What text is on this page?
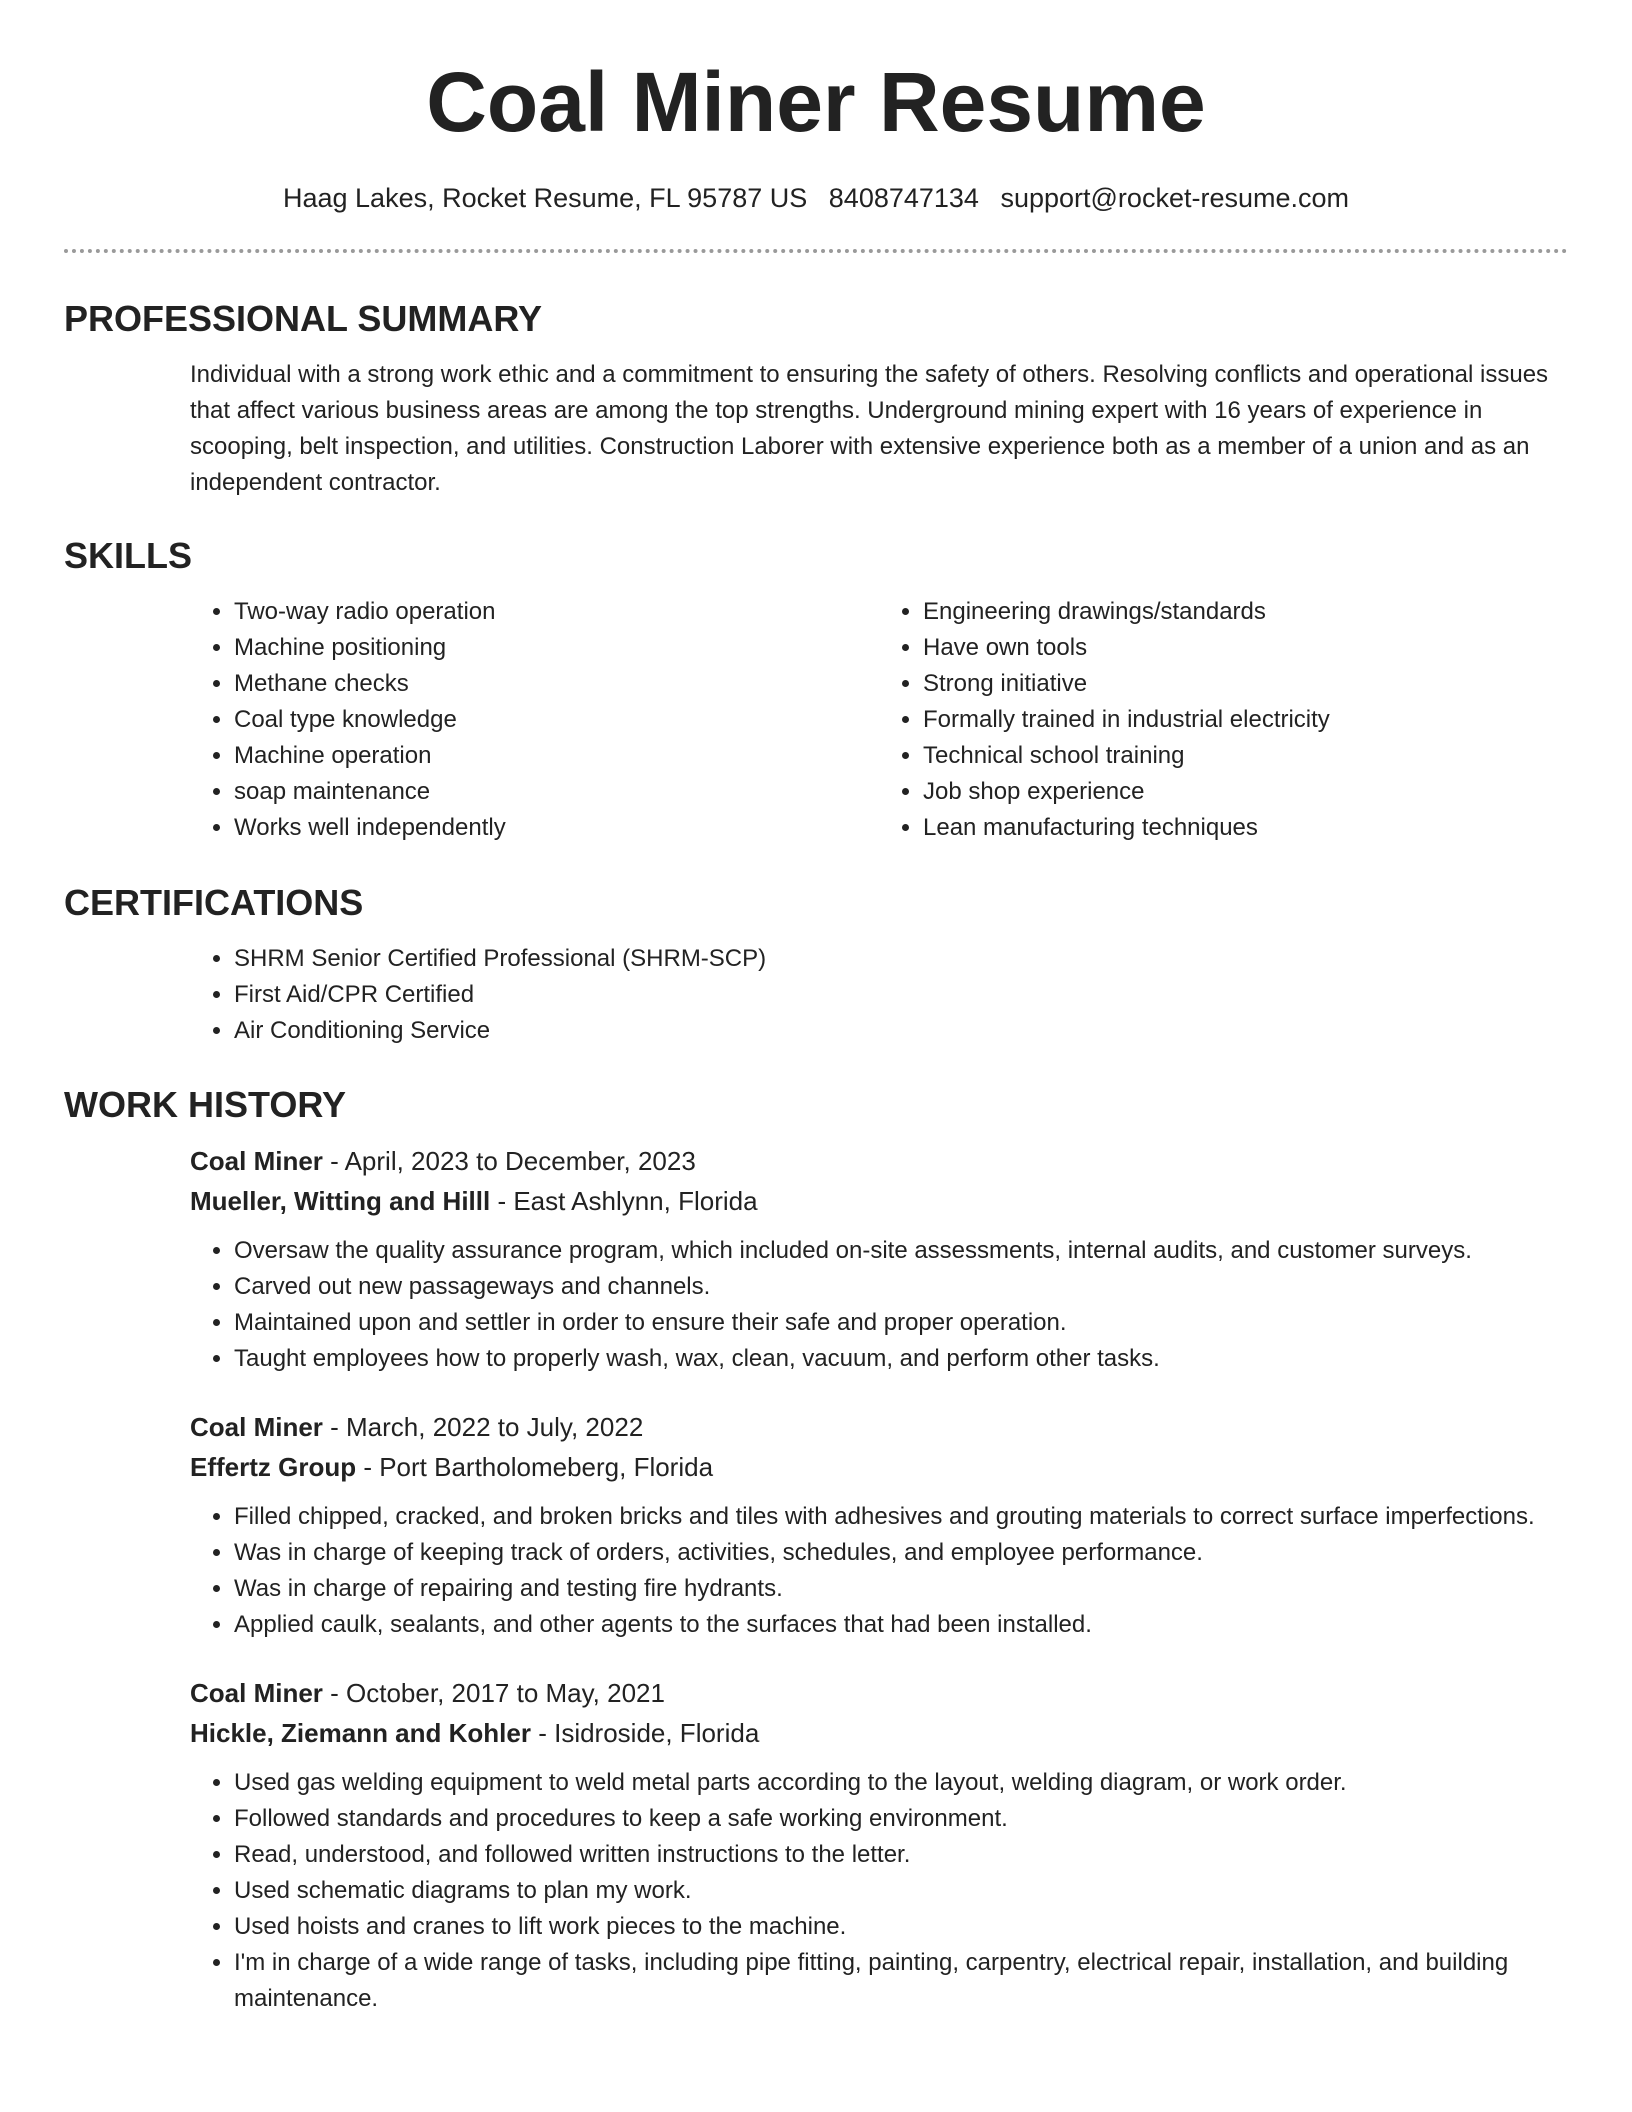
Coal Miner Resume
Haag Lakes, Rocket Resume, FL 95787 US 8408747134 support@rocket-resume.com
PROFESSIONAL SUMMARY

Individual with a strong work ethic and a commitment to ensuring the safety of others. Resolving conflicts and operational issues that affect various business areas are among the top strengths. Underground mining expert with 16 years of experience in scooping, belt inspection, and utilities. Construction Laborer with extensive experience both as a member of a union and as an independent contractor.

SKILLS
• Two-way radio operation
• Machine positioning
• Methane checks
• Coal type knowledge
• Machine operation
• soap maintenance
• Works well independently
• Engineering drawings/standards
• Have own tools
• Strong initiative
• Formally trained in industrial electricity
• Technical school training
• Job shop experience
• Lean manufacturing techniques
CERTIFICATIONS
• SHRM Senior Certified Professional (SHRM-SCP)
• First Aid/CPR Certified
• Air Conditioning Service
WORK HISTORY
Coal Miner - April, 2023 to December, 2023
Mueller, Witting and Hilll - East Ashlynn, Florida
• Oversaw the quality assurance program, which included on-site assessments, internal audits, and customer surveys.
• Carved out new passageways and channels.
• Maintained upon and settler in order to ensure their safe and proper operation.
• Taught employees how to properly wash, wax, clean, vacuum, and perform other tasks.
Coal Miner - March, 2022 to July, 2022
Effertz Group - Port Bartholomeberg, Florida
• Filled chipped, cracked, and broken bricks and tiles with adhesives and grouting materials to correct surface imperfections.
• Was in charge of keeping track of orders, activities, schedules, and employee performance.
• Was in charge of repairing and testing fire hydrants.
• Applied caulk, sealants, and other agents to the surfaces that had been installed.
Coal Miner - October, 2017 to May, 2021
Hickle, Ziemann and Kohler - Isidroside, Florida
• Used gas welding equipment to weld metal parts according to the layout, welding diagram, or work order.
• Followed standards and procedures to keep a safe working environment.
• Read, understood, and followed written instructions to the letter.
• Used schematic diagrams to plan my work.
• Used hoists and cranes to lift work pieces to the machine.
• I'm in charge of a wide range of tasks, including pipe fitting, painting, carpentry, electrical repair, installation, and building maintenance.
